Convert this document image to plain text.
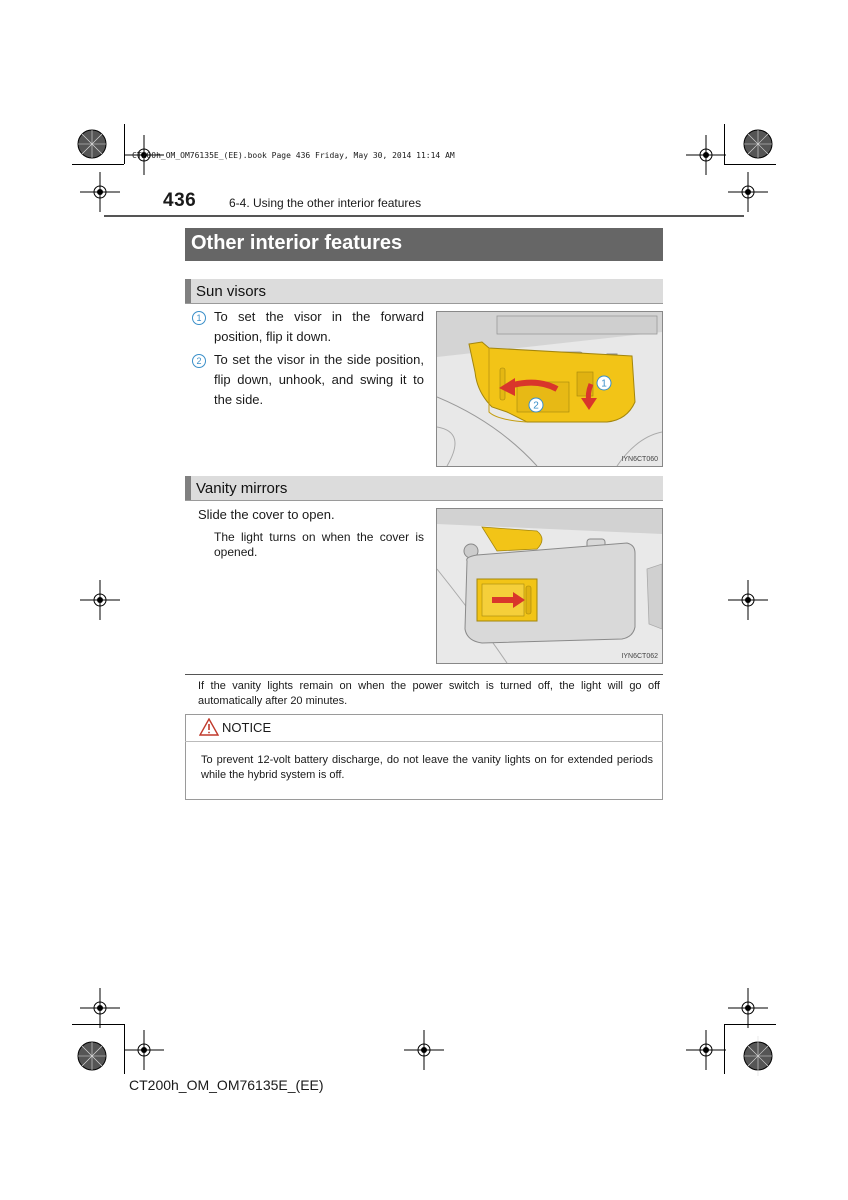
CT200h_OM_OM76135E_(EE).book Page 436 Friday, May 30, 2014 11:14 AM
436	6-4. Using the other interior features
Other interior features
Sun visors
1 To set the visor in the forward position, flip it down.
2 To set the visor in the side position, flip down, unhook, and swing it to the side.
1
2
IYN6CT060
Vanity mirrors
Slide the cover to open.
The light turns on when the cover is opened.
IYN6CT062
If the vanity lights remain on when the power switch is turned off, the light will go off automatically after 20 minutes.
NOTICE
To prevent 12-volt battery discharge, do not leave the vanity lights on for extended periods while the hybrid system is off.
CT200h_OM_OM76135E_(EE)
